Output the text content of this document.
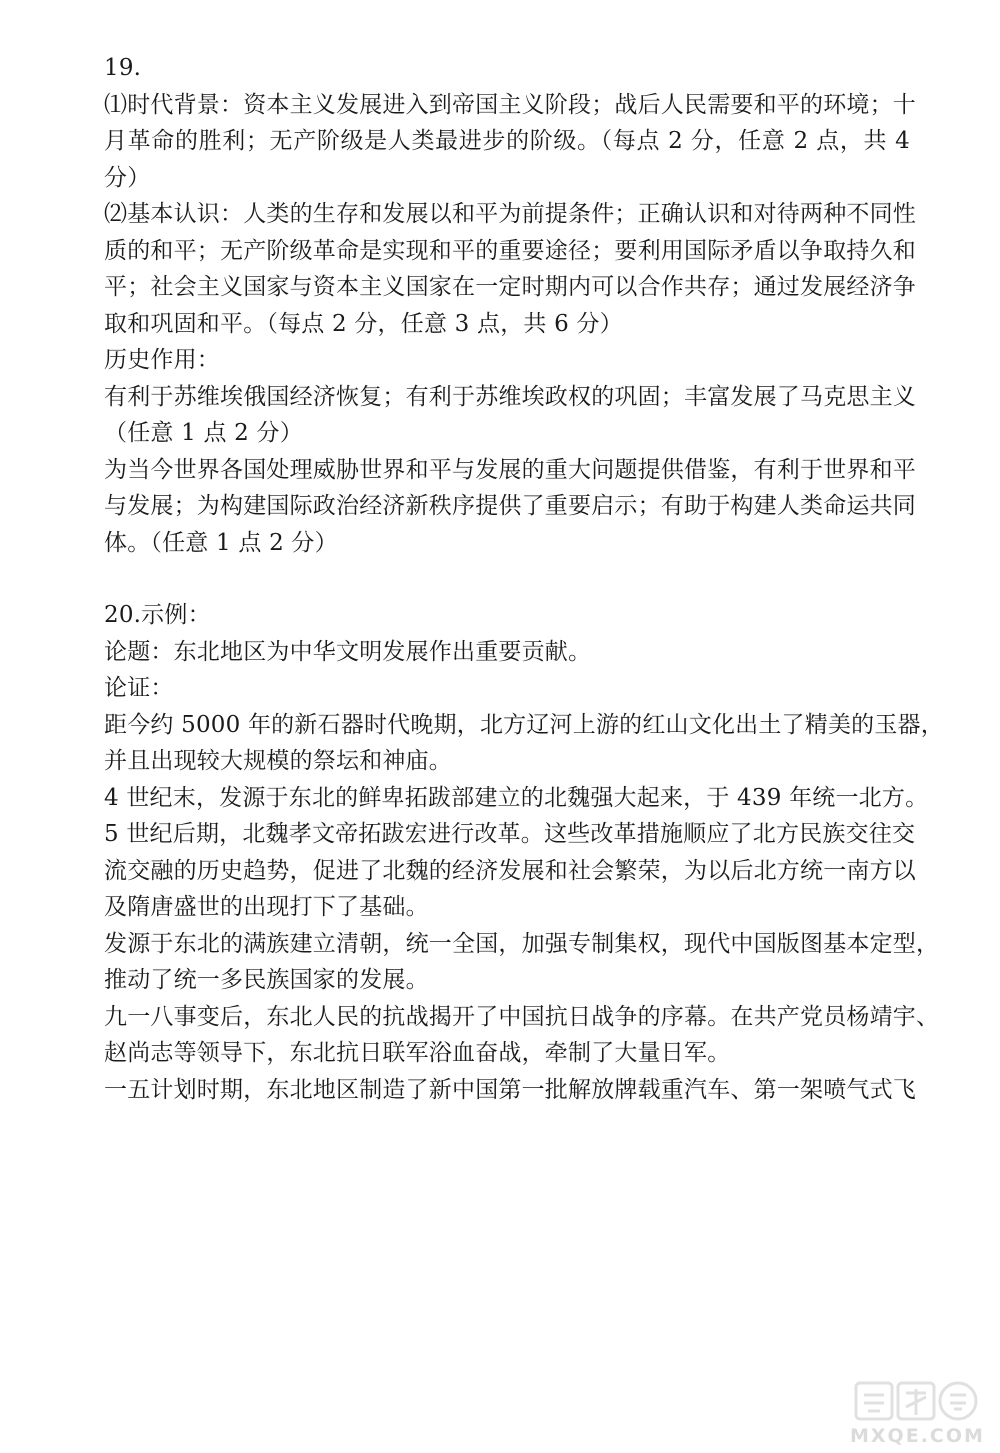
19.
⑴时代背景：资本主义发展进入到帝国主义阶段；战后人民需要和平的环境；十
月革命的胜利；无产阶级是人类最进步的阶级。（每点 2 分，任意 2 点，共 4
分）
⑵基本认识：人类的生存和发展以和平为前提条件；正确认识和对待两种不同性
质的和平；无产阶级革命是实现和平的重要途径；要利用国际矛盾以争取持久和
平；社会主义国家与资本主义国家在一定时期内可以合作共存；通过发展经济争
取和巩固和平。（每点 2 分，任意 3 点，共 6 分）
历史作用：
有利于苏维埃俄国经济恢复；有利于苏维埃政权的巩固；丰富发展了马克思主义
（任意 1 点 2 分）
为当今世界各国处理威胁世界和平与发展的重大问题提供借鉴，有利于世界和平
与发展；为构建国际政治经济新秩序提供了重要启示；有助于构建人类命运共同
体。（任意 1 点 2 分）
20.示例：
论题：东北地区为中华文明发展作出重要贡献。
论证：
距今约 5000 年的新石器时代晚期，北方辽河上游的红山文化出土了精美的玉器，
并且出现较大规模的祭坛和神庙。
4 世纪末，发源于东北的鲜卑拓跋部建立的北魏强大起来，于 439 年统一北方。
5 世纪后期，北魏孝文帝拓跋宏进行改革。这些改革措施顺应了北方民族交往交
流交融的历史趋势，促进了北魏的经济发展和社会繁荣，为以后北方统一南方以
及隋唐盛世的出现打下了基础。
发源于东北的满族建立清朝，统一全国，加强专制集权，现代中国版图基本定型，
推动了统一多民族国家的发展。
九一八事变后，东北人民的抗战揭开了中国抗日战争的序幕。在共产党员杨靖宇、
赵尚志等领导下，东北抗日联军浴血奋战，牵制了大量日军。
一五计划时期，东北地区制造了新中国第一批解放牌载重汽车、第一架喷气式飞
MXQE.COM
